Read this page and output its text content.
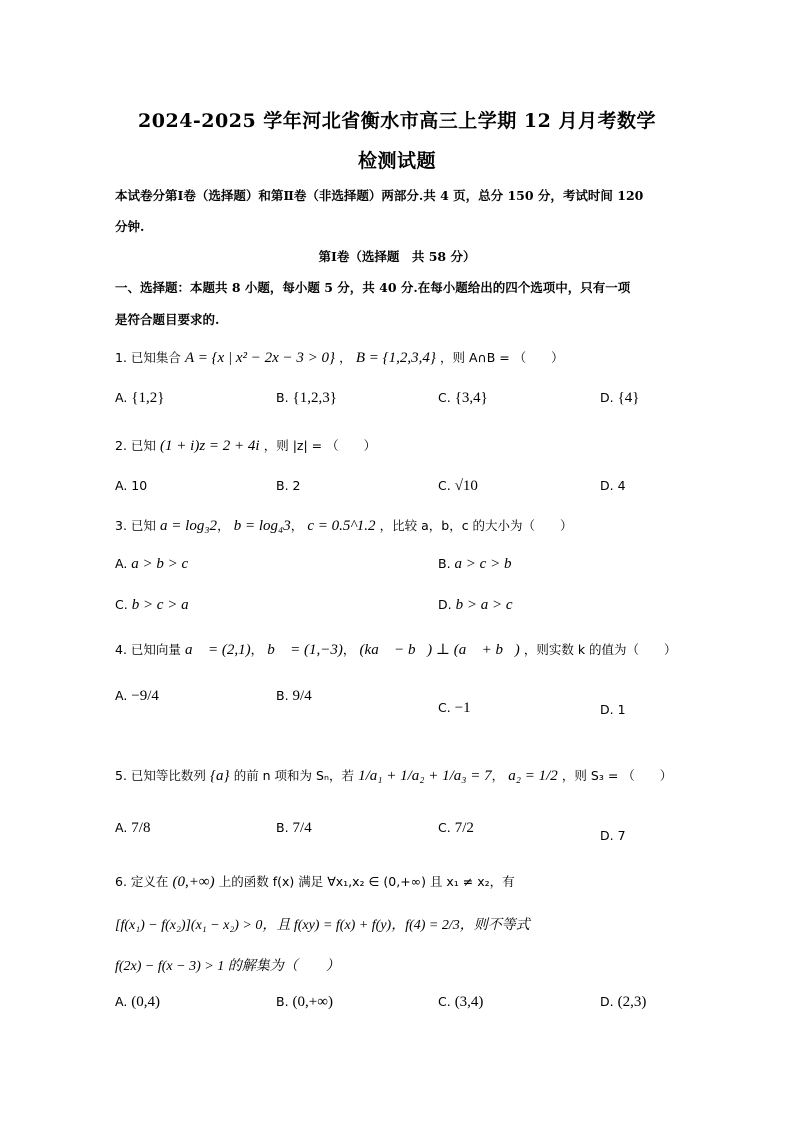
2024-2025 学年河北省衡水市高三上学期 12 月月考数学
检测试题
本试卷分第Ⅰ卷（选择题）和第Ⅱ卷（非选择题）两部分.共 4 页，总分 150 分，考试时间 120
分钟.
第Ⅰ卷（选择题　共 58 分）
一、选择题：本题共 8 小题，每小题 5 分，共 40 分.在每小题给出的四个选项中，只有一项
是符合题目要求的.
1. 已知集合 A = {x | x² − 2x − 3 > 0} ， B = {1,2,3,4} ，则 A∩B = （　　）
A. {1,2}	B. {1,2,3}	C. {3,4}	D. {4}
2. 已知 (1 + i)z = 2 + 4i ，则 |z| = （　　）
A. 10	B. 2	C. √10	D. 4
3. 已知 a = log₃2， b = log₄3， c = 0.5^1.2 ，比较 a，b，c 的大小为（　　）
A. a > b > c	B. a > c > b
C. b > c > a	D. b > a > c
4. 已知向量 a⃗ = (2,1)， b⃗ = (1,−3)， (ka⃗ − b⃗) ⊥ (a⃗ + b⃗) ，则实数 k 的值为（　　）
A. −9/4	B. 9/4
C. −1	D. 1
5. 已知等比数列 {a} 的前 n 项和为 Sₙ，若 1/a₁ + 1/a₂ + 1/a₃ = 7， a₂ = 1/2 ，则 S₃ = （　　）
A. 7/8	B. 7/4	C. 7/2	D. 7
6. 定义在 (0,+∞) 上的函数 f(x) 满足 ∀x₁,x₂ ∈ (0,+∞) 且 x₁ ≠ x₂，有
[f(x₁) − f(x₂)](x₁ − x₂) > 0，且 f(xy) = f(x) + f(y)，f(4) = 2/3，则不等式
f(2x) − f(x − 3) > 1 的解集为（　　）
A. (0,4)	B. (0,+∞)	C. (3,4)	D. (2,3)
